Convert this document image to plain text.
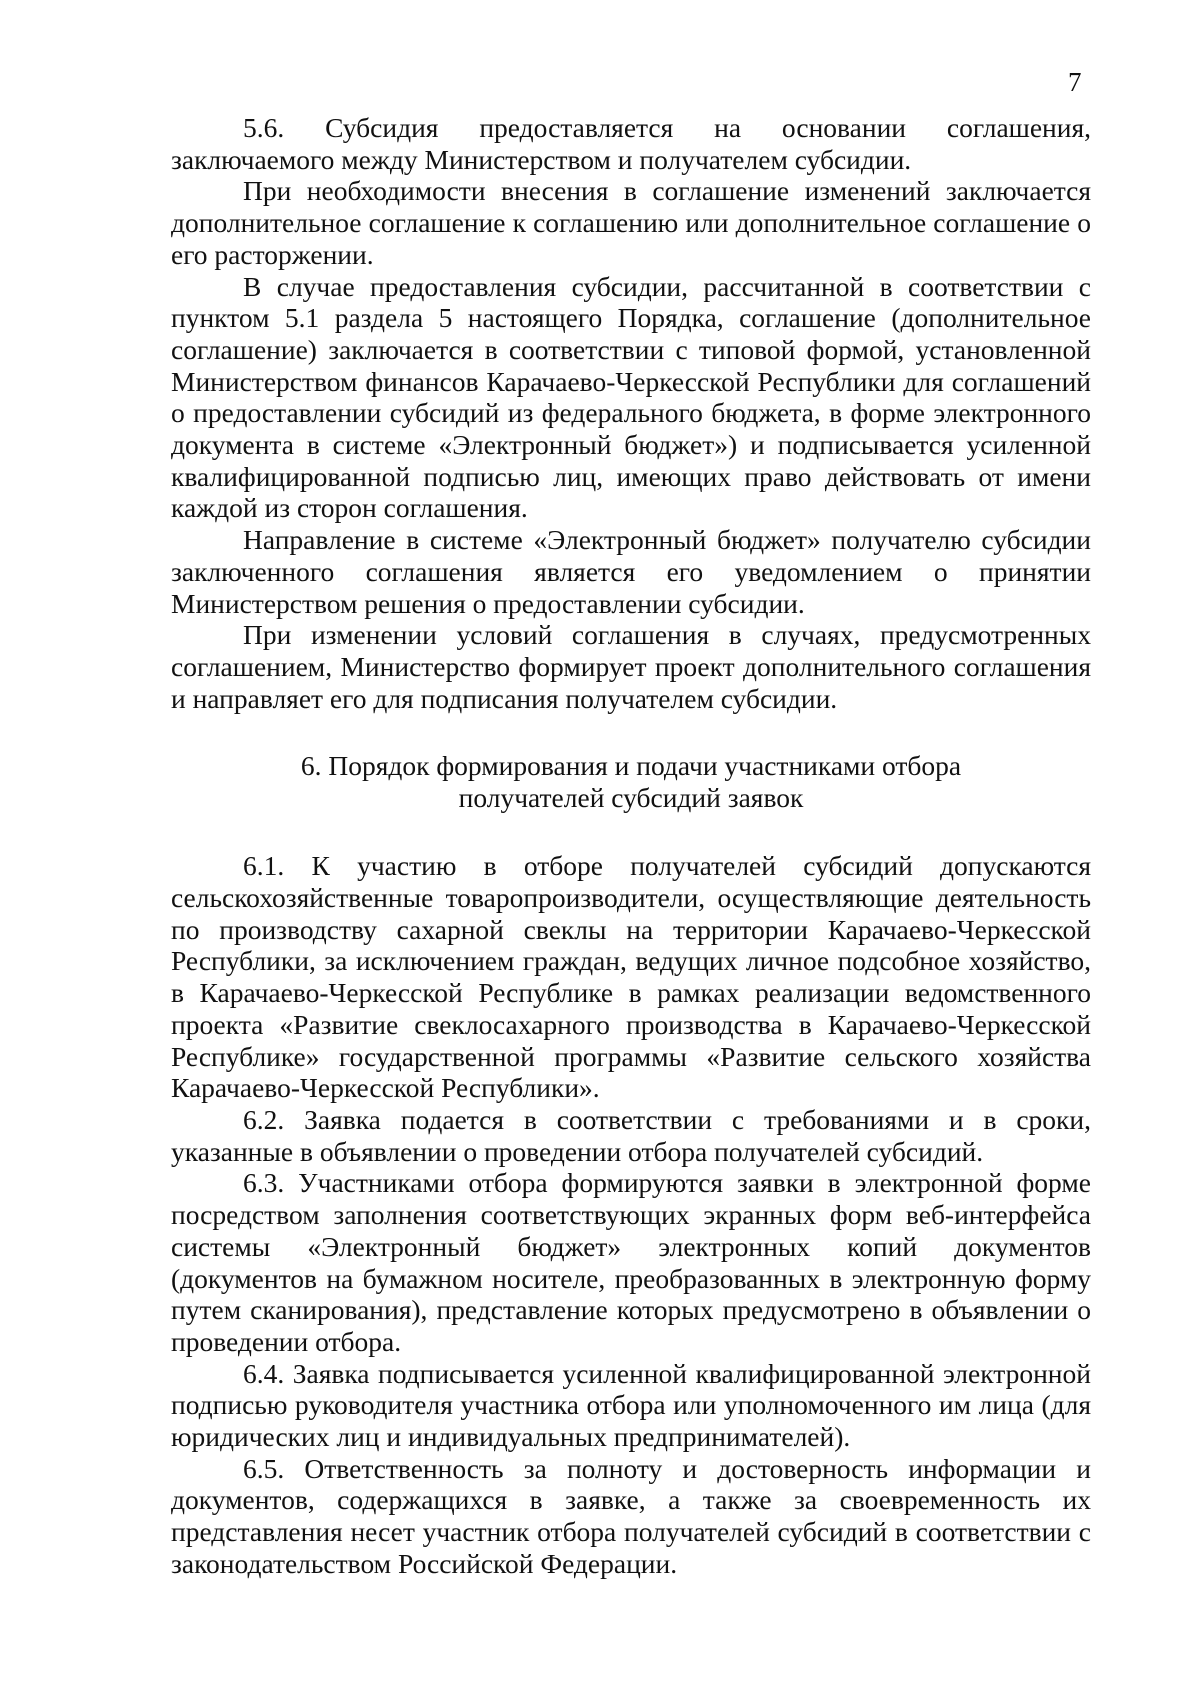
7

5.6. Субсидия предоставляется на основании соглашения, заключаемого между Министерством и получателем субсидии.

При необходимости внесения в соглашение изменений заключается дополнительное соглашение к соглашению или дополнительное соглашение о его расторжении.

В случае предоставления субсидии, рассчитанной в соответствии с пунктом 5.1 раздела 5 настоящего Порядка, соглашение (дополнительное соглашение) заключается в соответствии с типовой формой, установленной Министерством финансов Карачаево-Черкесской Республики для соглашений о предоставлении субсидий из федерального бюджета, в форме электронного документа в системе «Электронный бюджет») и подписывается усиленной квалифицированной подписью лиц, имеющих право действовать от имени каждой из сторон соглашения.

Направление в системе «Электронный бюджет» получателю субсидии заключенного соглашения является его уведомлением о принятии Министерством решения о предоставлении субсидии.

При изменении условий соглашения в случаях, предусмотренных соглашением, Министерство формирует проект дополнительного соглашения и направляет его для подписания получателем субсидии.

6. Порядок формирования и подачи участниками отбора
получателей субсидий заявок

6.1. К участию в отборе получателей субсидий допускаются сельскохозяйственные товаропроизводители, осуществляющие деятельность по производству сахарной свеклы на территории Карачаево-Черкесской Республики, за исключением граждан, ведущих личное подсобное хозяйство, в Карачаево-Черкесской Республике в рамках реализации ведомственного проекта «Развитие свеклосахарного производства в Карачаево-Черкесской Республике» государственной программы «Развитие сельского хозяйства Карачаево-Черкесской Республики».

6.2. Заявка подается в соответствии с требованиями и в сроки, указанные в объявлении о проведении отбора получателей субсидий.

6.3. Участниками отбора формируются заявки в электронной форме посредством заполнения соответствующих экранных форм веб-интерфейса системы «Электронный бюджет» электронных копий документов (документов на бумажном носителе, преобразованных в электронную форму путем сканирования), представление которых предусмотрено в объявлении о проведении отбора.

6.4. Заявка подписывается усиленной квалифицированной электронной подписью руководителя участника отбора или уполномоченного им лица (для юридических лиц и индивидуальных предпринимателей).

6.5. Ответственность за полноту и достоверность информации и документов, содержащихся в заявке, а также за своевременность их представления несет участник отбора получателей субсидий в соответствии с законодательством Российской Федерации.
